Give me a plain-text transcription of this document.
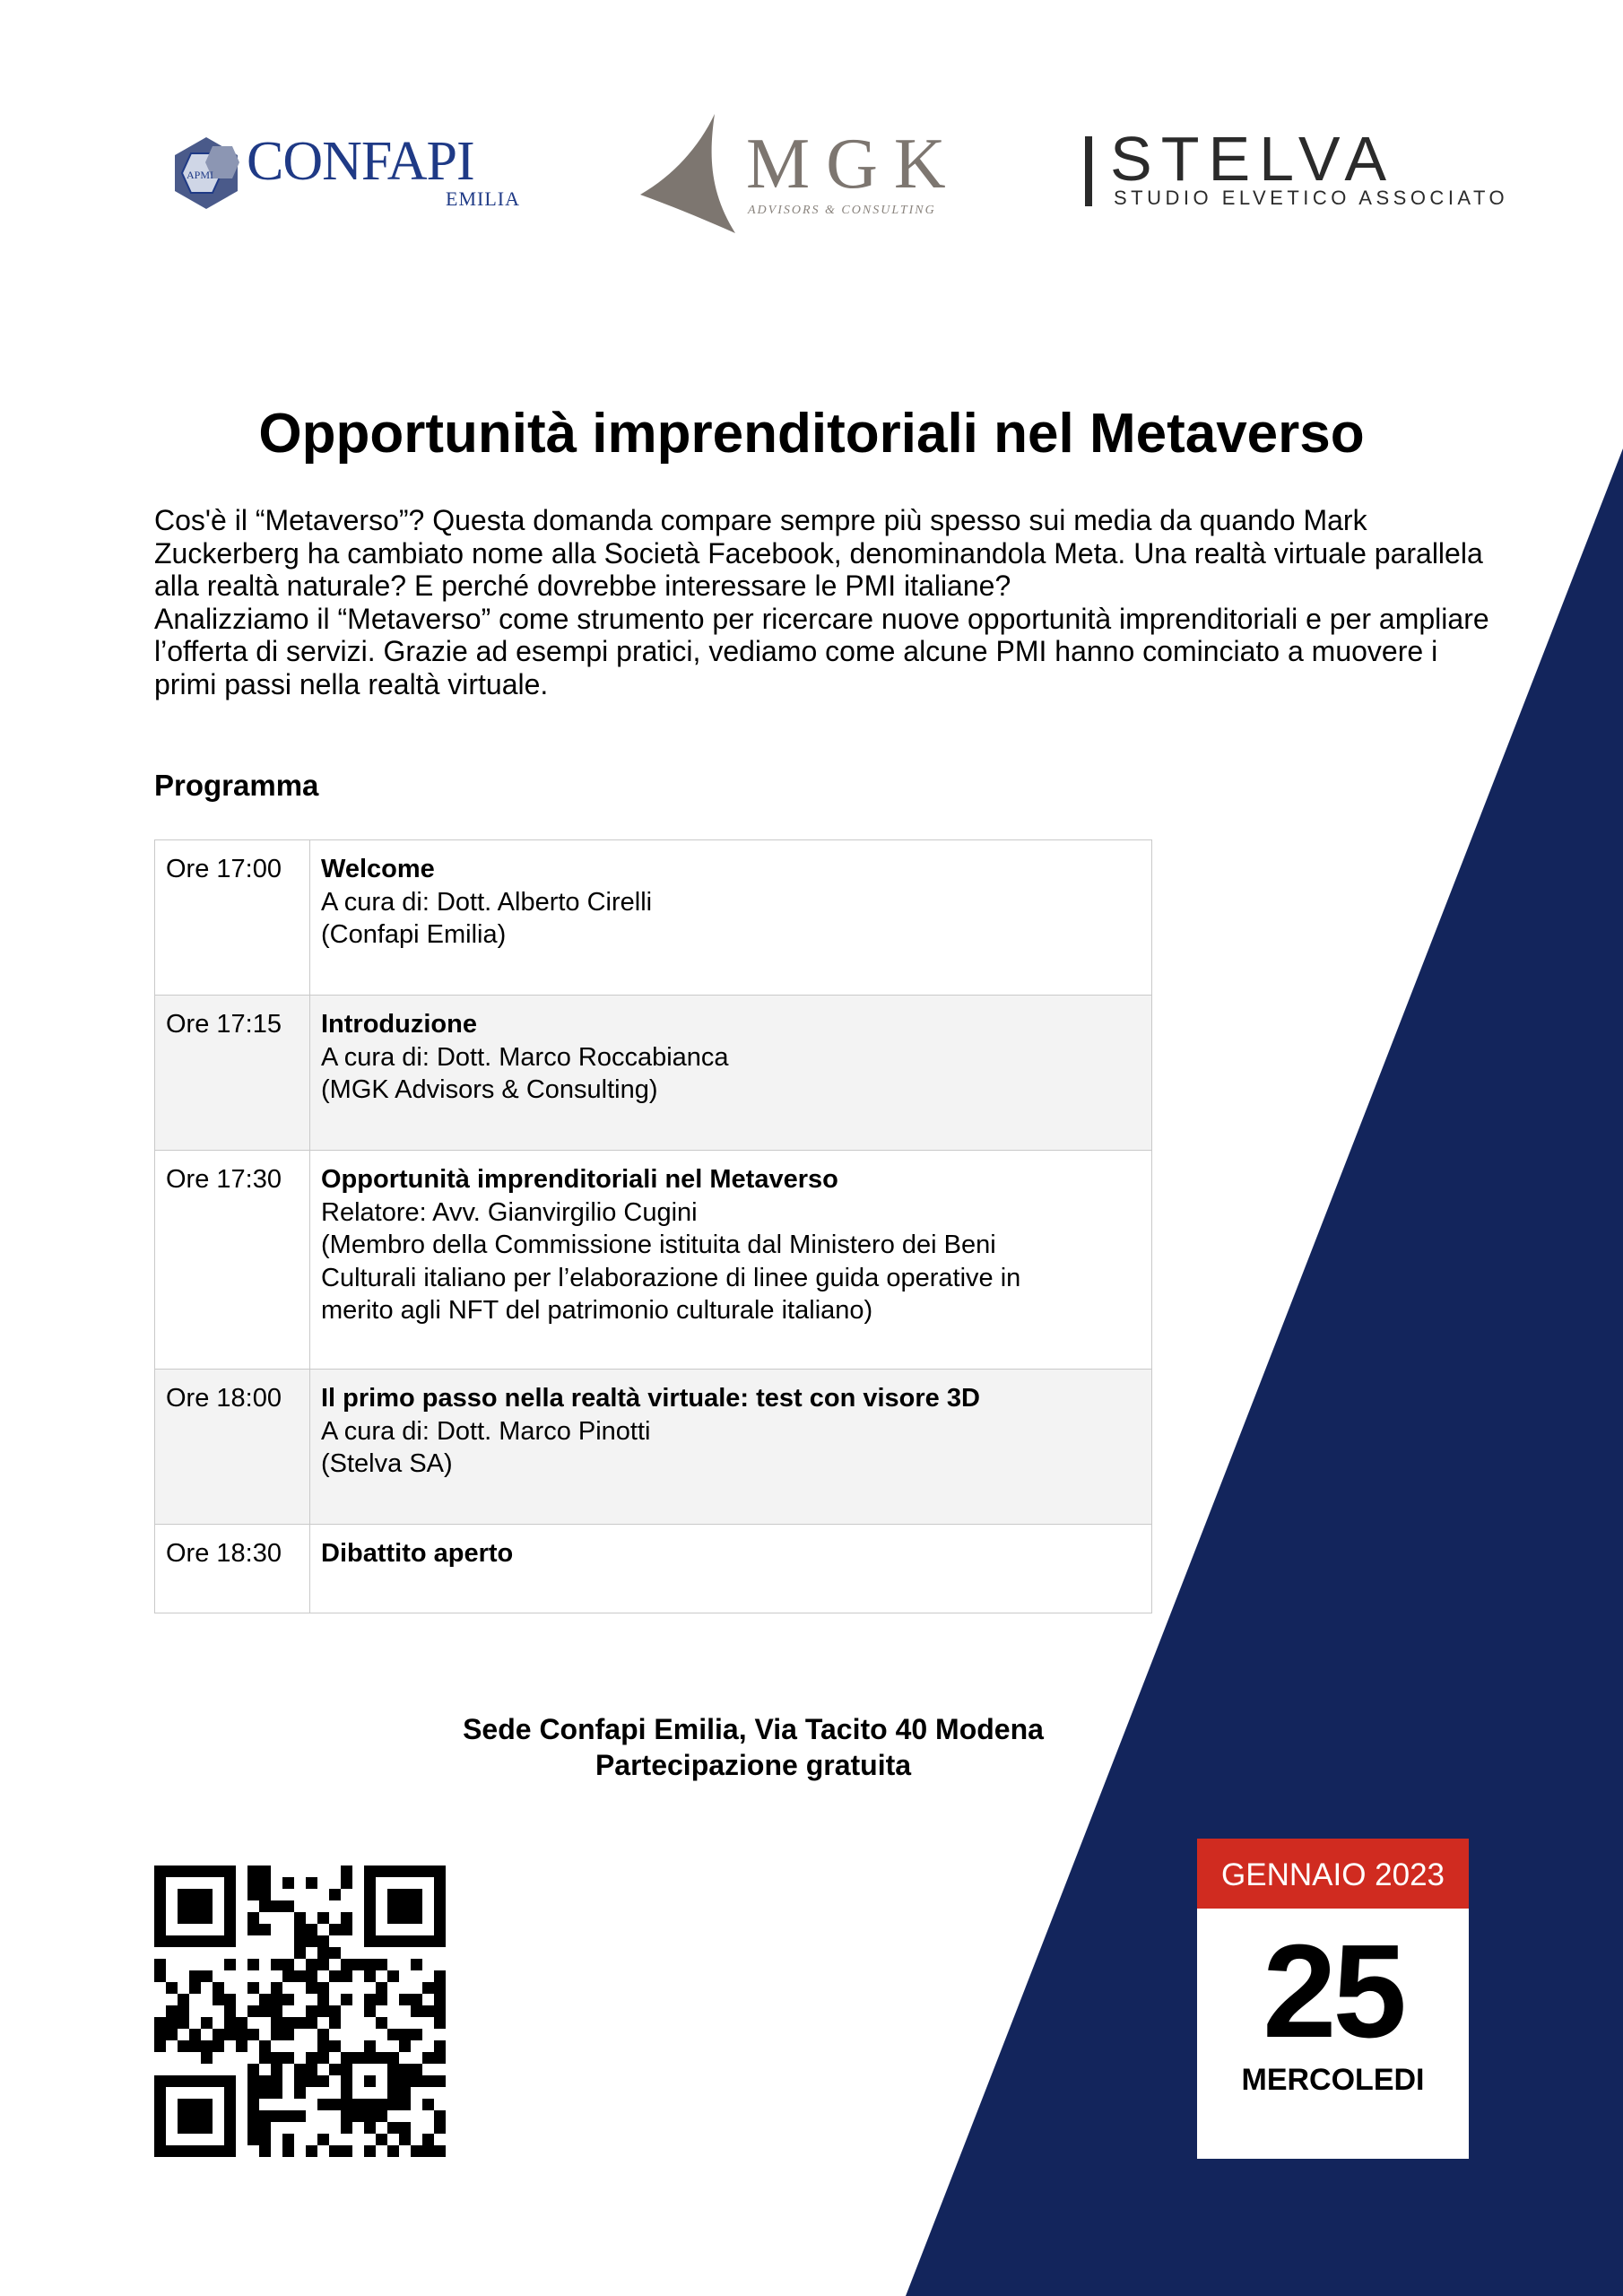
APMI CONFAPI
EMILIA	MGK
ADVISORS & CONSULTING
STELVA
STUDIO ELVETICO ASSOCIATO
Opportunità imprenditoriali nel Metaverso

Cos'è il “Metaverso”? Questa domanda compare sempre più spesso sui media da quando Mark Zuckerberg ha cambiato nome alla Società Facebook, denominandola Meta. Una realtà virtuale parallela alla realtà naturale? E perché dovrebbe interessare le PMI italiane?

Analizziamo il “Metaverso” come strumento per ricercare nuove opportunità imprenditoriali e per ampliare l’offerta di servizi. Grazie ad esempi pratici, vediamo come alcune PMI hanno cominciato a muovere i primi passi nella realtà virtuale.

Programma
Ore 17:00	Welcome
A cura di: Dott. Alberto Cirelli
(Confapi Emilia)

Ore 17:15	Introduzione
A cura di: Dott. Marco Roccabianca
(MGK Advisors & Consulting)

Ore 17:30	Opportunità imprenditoriali nel Metaverso
Relatore: Avv. Gianvirgilio Cugini
(Membro della Commissione istituita dal Ministero dei Beni
Culturali italiano per l’elaborazione di linee guida operative in
merito agli NFT del patrimonio culturale italiano)

Ore 18:00	Il primo passo nella realtà virtuale: test con visore 3D
A cura di: Dott. Marco Pinotti
(Stelva SA)

Ore 18:30	Dibattito aperto
Sede Confapi Emilia, Via Tacito 40 Modena
Partecipazione gratuita
GENNAIO 2023
25
MERCOLEDI
